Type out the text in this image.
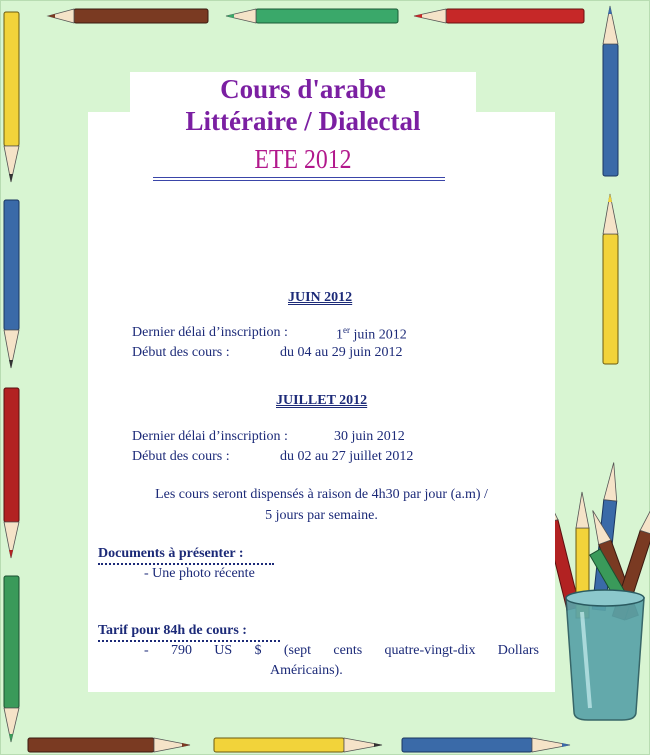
Cours d'arabe
Littéraire / Dialectal
ETE 2012
JUIN 2012
Dernier délai d’inscription :	1er juin 2012
Début des cours :	du 04 au 29 juin 2012
JUILLET 2012
Dernier délai d’inscription :	30 juin 2012
Début des cours :	du 02 au 27 juillet 2012
Les cours seront dispensés à raison de 4h30 par jour (a.m) /
5 jours par semaine.
Documents à présenter :
- Une photo récente
Tarif pour 84h de cours :
- 790 US $ (sept cents quatre-vingt-dix Dollars
Américains).
